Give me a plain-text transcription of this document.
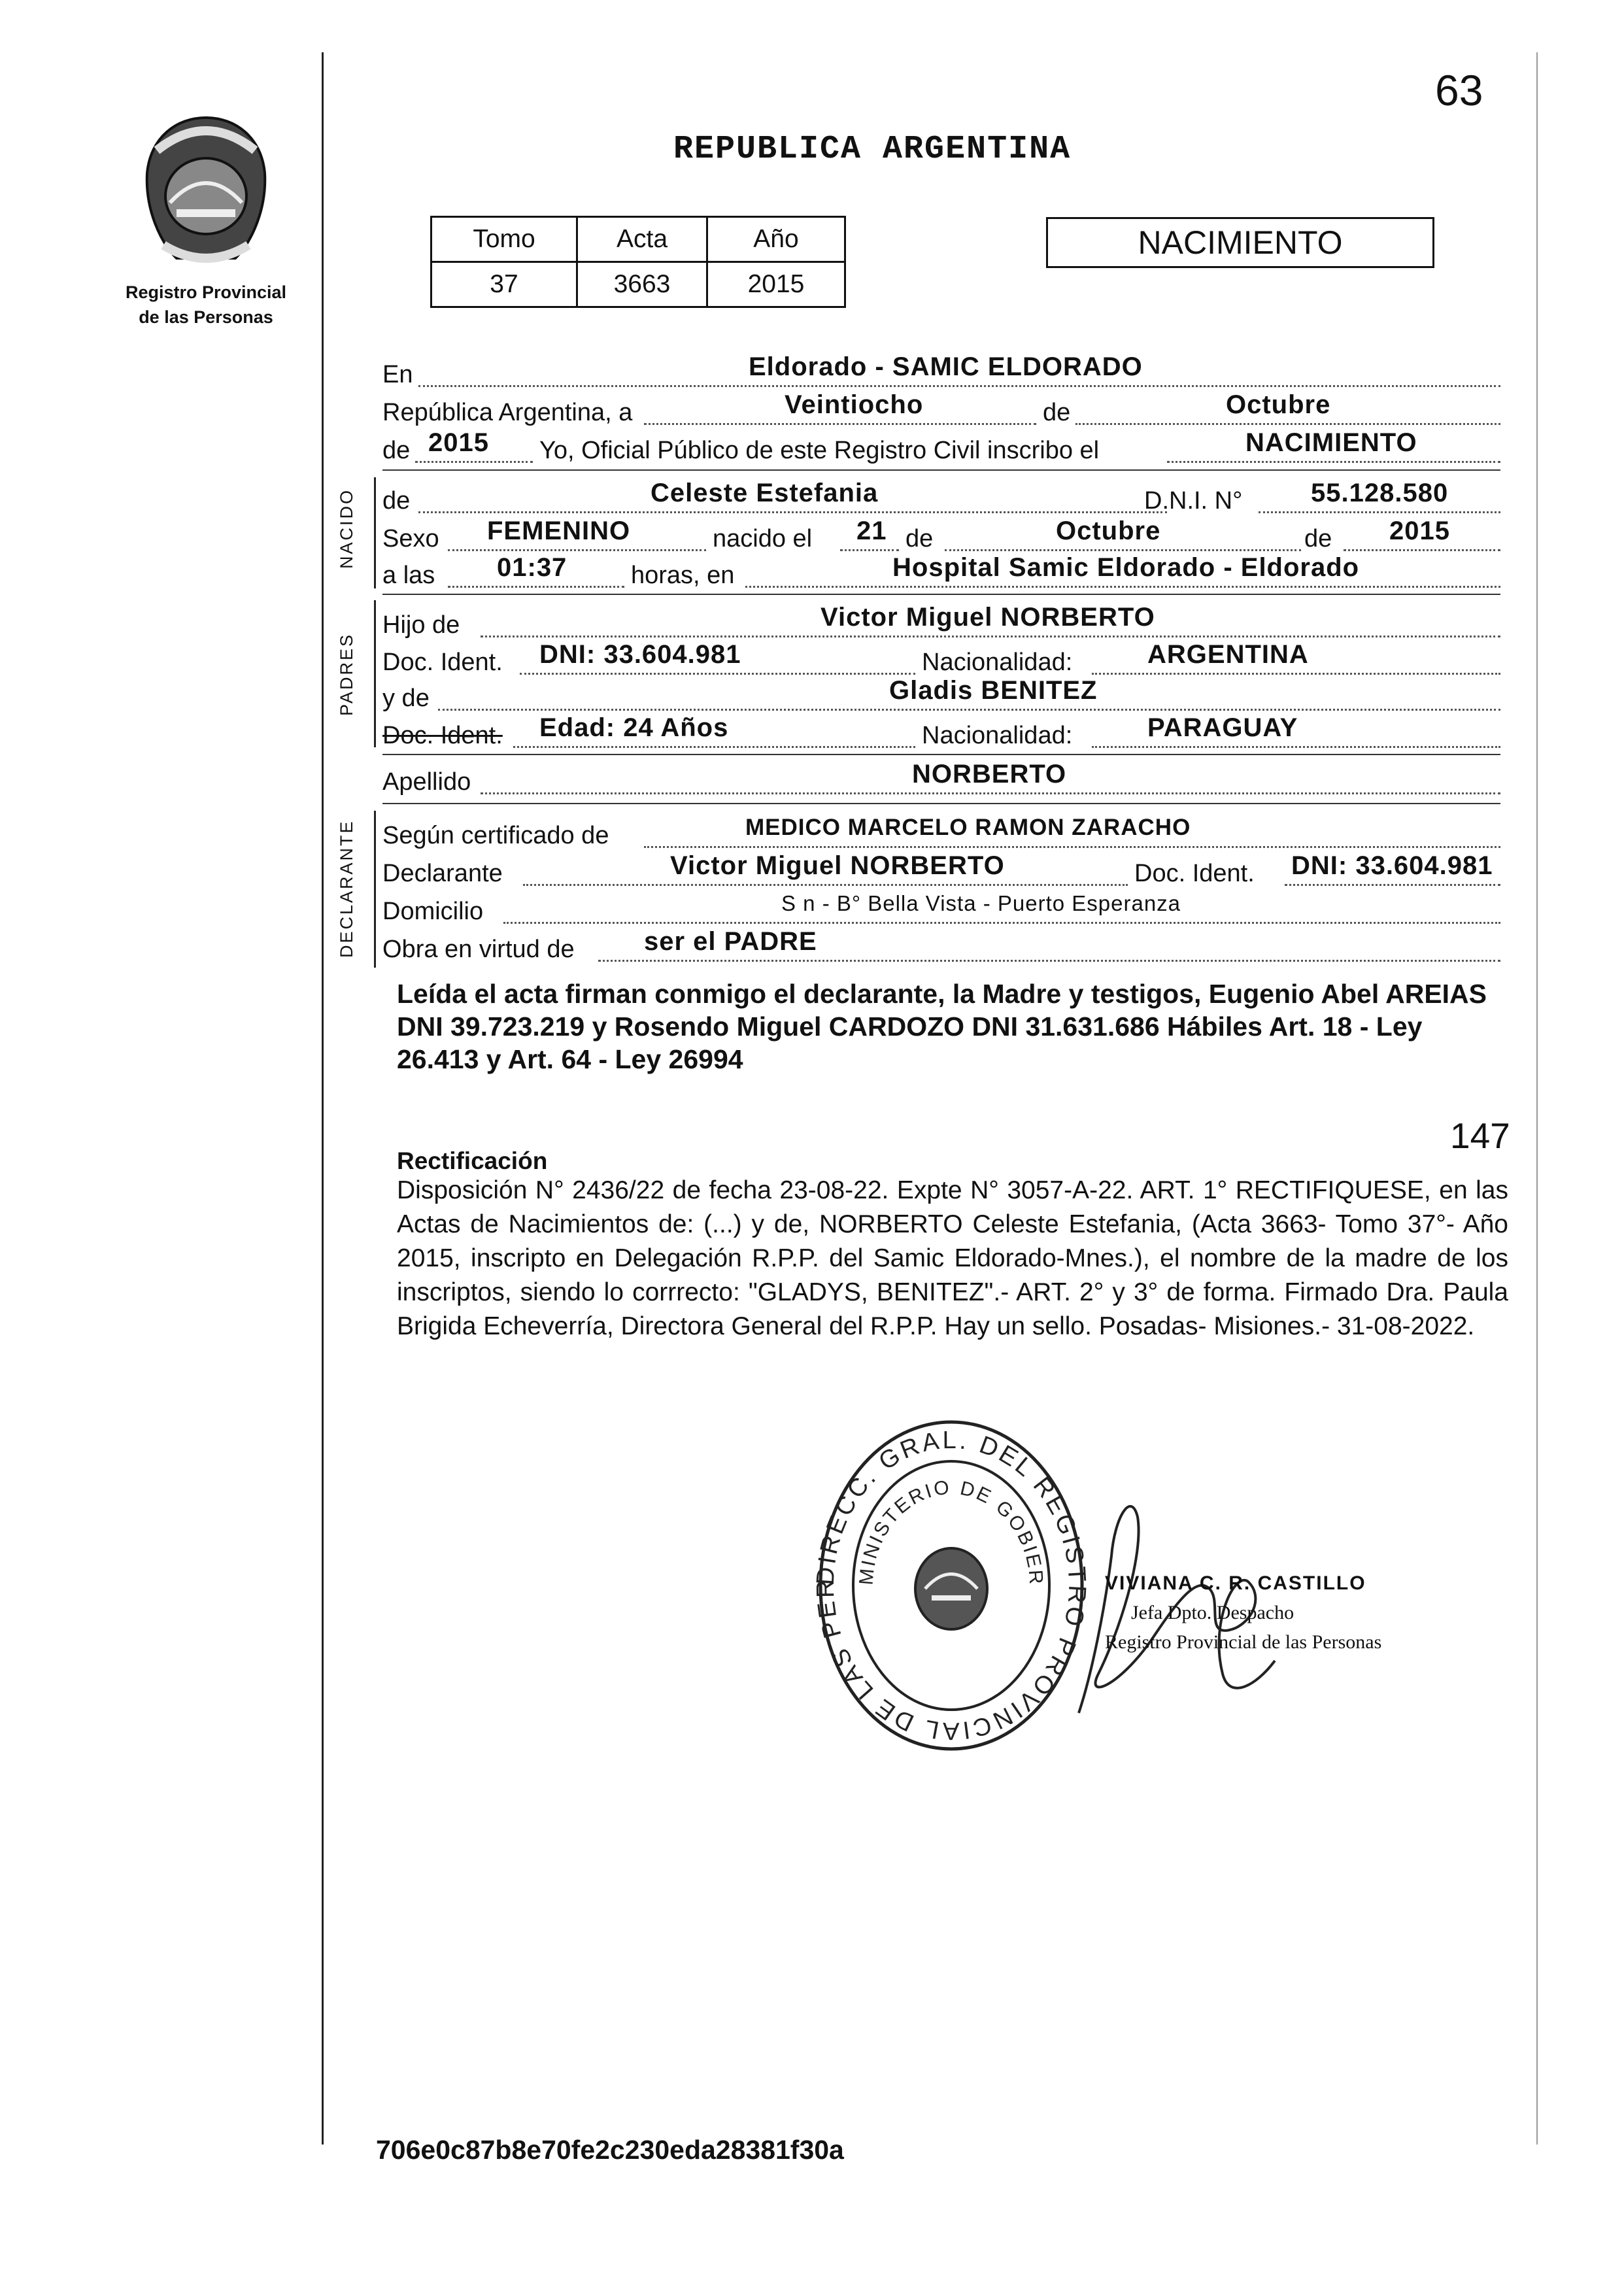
Registro Provincial
de las Personas
63
REPUBLICA ARGENTINA
Tomo	Acta	Año
37	3663	2015
NACIMIENTO
En	Eldorado - SAMIC ELDORADO
República Argentina, a	Veintiocho	de	Octubre
de 2015 Yo, Oficial Público de este Registro Civil inscribo el	NACIMIENTO
NACIDO de	Celeste Estefania	D.N.I. N°	55.128.580
Sexo FEMENINO	nacido el 21 de	Octubre	de 2015
a las 01:37	horas, en	Hospital Samic Eldorado - Eldorado
PADRES
Hijo de	Victor Miguel NORBERTO
Doc. Ident. DNI: 33.604.981	Nacionalidad:	ARGENTINA
y de	Gladis BENITEZ
Doc. Ident. Edad: 24 Años	Nacionalidad:	PARAGUAY
Apellido	NORBERTO
DECLARANTE Según certificado de	MEDICO MARCELO RAMON ZARACHO
Declarante	Victor Miguel NORBERTO	Doc. Ident. DNI: 33.604.981
Domicilio	S n - B° Bella Vista - Puerto Esperanza
Obra en virtud de	ser el PADRE
Leída el acta firman conmigo el declarante, la Madre y testigos, Eugenio Abel AREIAS DNI 39.723.219 y Rosendo Miguel CARDOZO DNI 31.631.686 Hábiles Art. 18 - Ley 26.413 y Art. 64 - Ley 26994
147
Rectificación
Disposición N° 2436/22 de fecha 23-08-22. Expte N° 3057-A-22. ART. 1° RECTIFIQUESE, en las Actas de Nacimientos de: (...) y de, NORBERTO Celeste Estefania, (Acta 3663- Tomo 37°- Año 2015, inscripto en Delegación R.P.P. del Samic Eldorado-Mnes.), el nombre de la madre de los inscriptos, siendo lo corrrecto: "GLADYS, BENITEZ".- ART. 2° y 3° de forma. Firmado Dra. Paula Brigida Echeverría, Directora General del R.P.P. Hay un sello. Posadas- Misiones.- 31-08-2022.
DIRECC. GRAL. DEL REGISTRO PROVINCIAL DE LAS PER
MINISTERIO DE GOBIER	VIVIANA C. R. CASTILLO
Jefa Dpto. Despacho
Registro Provincial de las Personas
706e0c87b8e70fe2c230eda28381f30a
